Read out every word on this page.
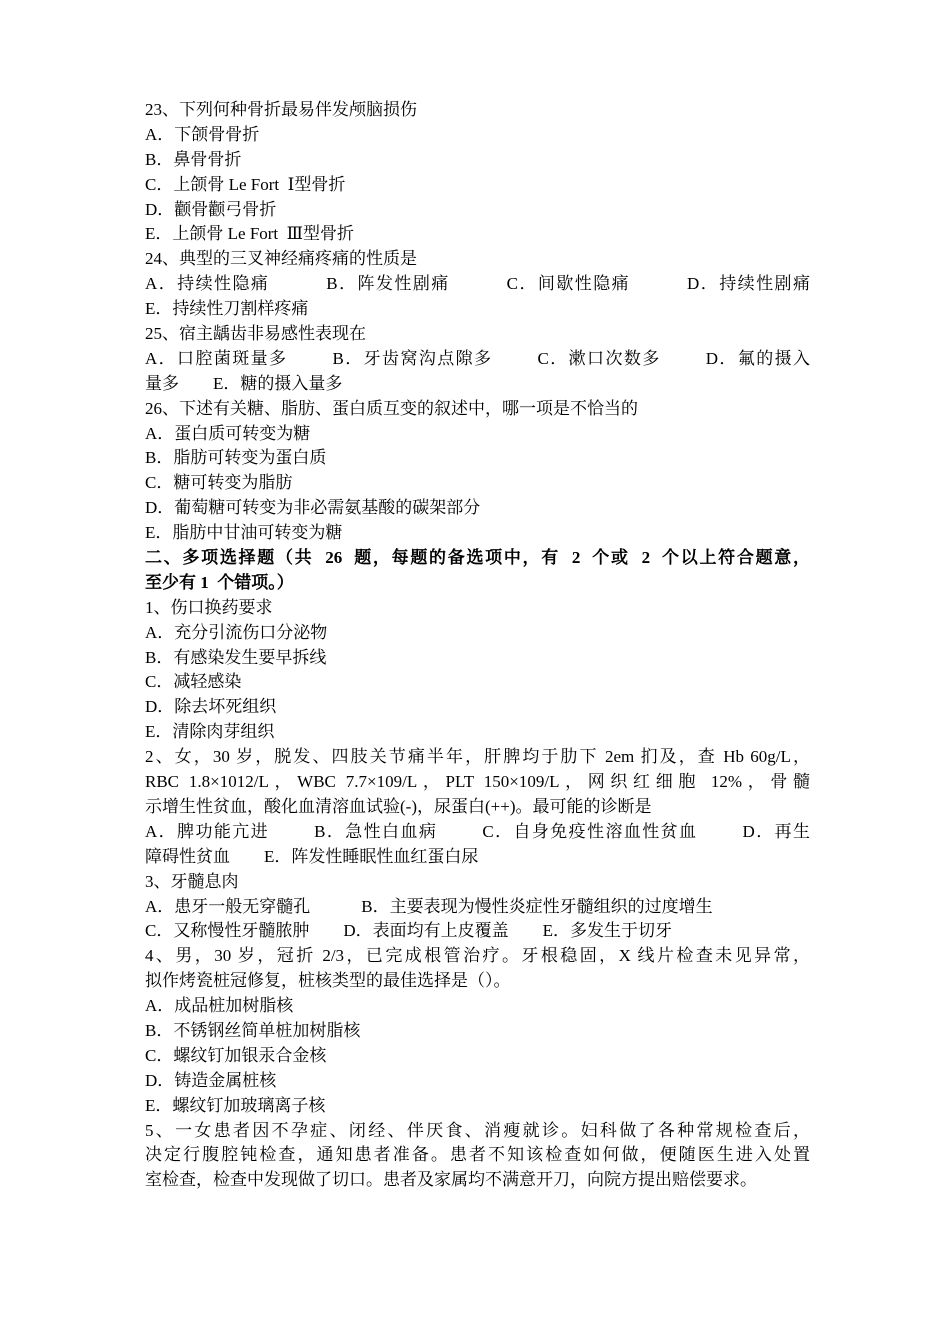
23、下列何种骨折最易伴发颅脑损伤
A．下颌骨骨折
B．鼻骨骨折
C．上颌骨 Le Fort  Ⅰ型骨折
D．颧骨颧弓骨折
E．上颌骨 Le Fort  Ⅲ型骨折
24、典型的三叉神经痛疼痛的性质是
A．持续性隐痛          B．阵发性剧痛          C．间歇性隐痛          D．持续性剧痛
E．持续性刀割样疼痛
25、宿主龋齿非易感性表现在
A．口腔菌斑量多        B．牙齿窝沟点隙多        C．漱口次数多        D．氟的摄入
量多        E．糖的摄入量多
26、下述有关糖、脂肪、蛋白质互变的叙述中，哪一项是不恰当的
A．蛋白质可转变为糖
B．脂肪可转变为蛋白质
C．糖可转变为脂肪
D．葡萄糖可转变为非必需氨基酸的碳架部分
E．脂肪中甘油可转变为糖
二、多项选择题（共  26  题，每题的备选项中，有  2  个或  2  个以上符合题意，
至少有 1  个错项。）
1、伤口换药要求
A．充分引流伤口分泌物
B．有感染发生要早拆线
C．减轻感染
D．除去坏死组织
E．清除肉芽组织
2、女，30 岁，脱发、四肢关节痛半年，肝脾均于肋下 2em 扪及，查 Hb 60g/L，
RBC 1.8×1012/L，WBC 7.7×109/L，PLT 150×109/L，网织红细胞 12%，骨髓
示增生性贫血，酸化血清溶血试验(-)，尿蛋白(++)。最可能的诊断是
A．脾功能亢进        B．急性白血病        C．自身免疫性溶血性贫血        D．再生
障碍性贫血        E．阵发性睡眠性血红蛋白尿
3、牙髓息肉
A．患牙一般无穿髓孔            B．主要表现为慢性炎症性牙髓组织的过度增生
C．又称慢性牙髓脓肿        D．表面均有上皮覆盖        E．多发生于切牙
4、男，30 岁，冠折 2/3，已完成根管治疗。牙根稳固，X 线片检查未见异常，
拟作烤瓷桩冠修复，桩核类型的最佳选择是（）。
A．成品桩加树脂核
B．不锈钢丝简单桩加树脂核
C．螺纹钉加银汞合金核
D．铸造金属桩核
E．螺纹钉加玻璃离子核
5、一女患者因不孕症、闭经、伴厌食、消瘦就诊。妇科做了各种常规检查后，
决定行腹腔钝检查，通知患者准备。患者不知该检查如何做，便随医生进入处置
室检查，检查中发现做了切口。患者及家属均不满意开刀，向院方提出赔偿要求。
